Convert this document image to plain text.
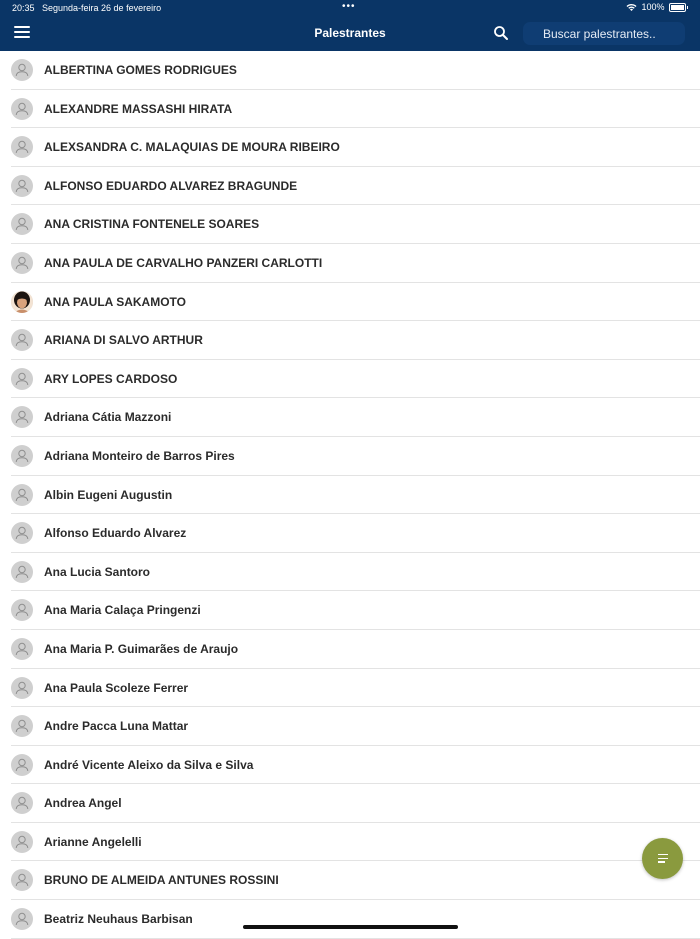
20:35 Segunda-feira 26 de fevereiro	•••	100%
Palestrantes
Buscar palestrantes..
ALBERTINA GOMES RODRIGUES
ALEXANDRE MASSASHI HIRATA
ALEXSANDRA C. MALAQUIAS DE MOURA RIBEIRO
ALFONSO EDUARDO ALVAREZ BRAGUNDE
ANA CRISTINA FONTENELE SOARES
ANA PAULA DE CARVALHO PANZERI CARLOTTI
ANA PAULA SAKAMOTO
ARIANA DI SALVO ARTHUR
ARY LOPES CARDOSO
Adriana Cátia Mazzoni
Adriana Monteiro de Barros Pires
Albin Eugeni Augustin
Alfonso Eduardo Alvarez
Ana Lucia Santoro
Ana Maria Calaça Pringenzi
Ana Maria P. Guimarães de Araujo
Ana Paula Scoleze Ferrer
Andre Pacca Luna Mattar
André Vicente Aleixo da Silva e Silva
Andrea Angel
Arianne Angelelli
BRUNO DE ALMEIDA ANTUNES ROSSINI
Beatriz Neuhaus Barbisan
